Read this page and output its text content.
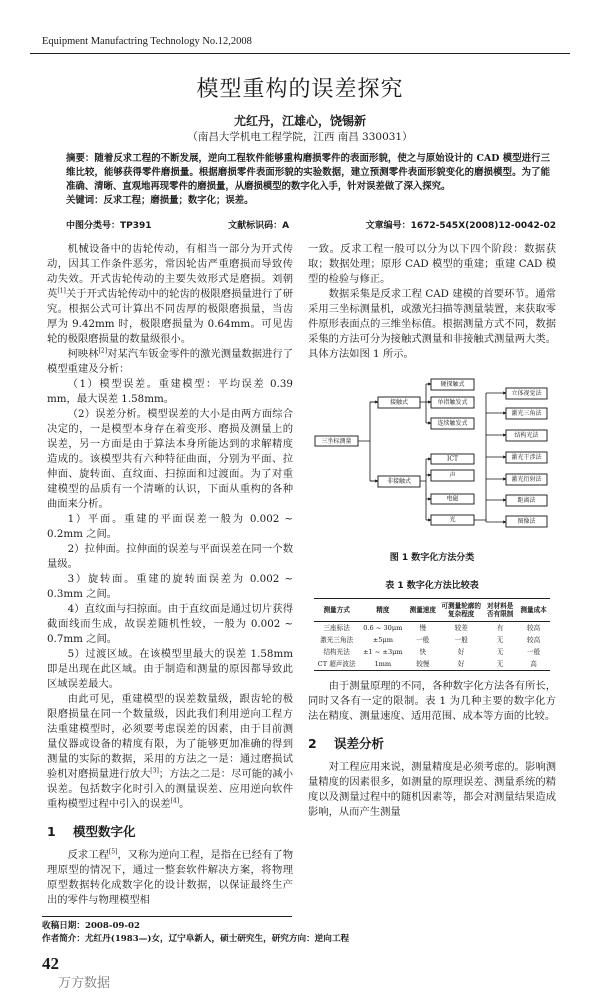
Equipment Manufactring Technology No.12,2008
模型重构的误差探究
尤红丹，江雄心，饶锡新
（南昌大学机电工程学院，江西 南昌 330031）
摘要：随着反求工程的不断发展，逆向工程软件能够重构磨损零件的表面形貌，使之与原始设计的 CAD 模型进行三维比较，能够获得零件磨损量。根据磨损零件表面形貌的实验数据，建立预测零件表面形貌变化的磨损模型。为了能准确、清晰、直观地再现零件的磨损量，从磨损模型的数字化入手，针对误差做了深入探究。
关键词：反求工程；磨损量；数字化；误差。
中图分类号：TP391	文献标识码：A	文章编号：1672-545X(2008)12-0042-02

机械设备中的齿轮传动，有相当一部分为开式传动，因其工作条件恶劣，常因轮齿严重磨损而导致传动失效。开式齿轮传动的主要失效形式是磨损。刘朝英[1]关于开式齿轮传动中的轮齿的极限磨损量进行了研究。根据公式可计算出不同齿厚的极限磨损量，当齿厚为 9.42mm 时，极限磨损量为 0.64mm。可见齿轮的极限磨损量的数量级很小。

柯映林[2]对某汽车钣金零件的激光测量数据进行了模型重建及分析：

（1）模型误差。重建模型：平均误差 0.39 mm，最大误差 1.58mm。

（2）误差分析。模型误差的大小是由两方面综合决定的，一是模型本身存在着变形、磨损及测量上的误差，另一方面是由于算法本身所能达到的求解精度造成的。该模型共有六种特征曲面，分别为平面、拉伸面、旋转面、直纹面、扫掠面和过渡面。为了对重建模型的品质有一个清晰的认识，下面从重构的各种曲面来分析。

1）平面。重建的平面误差一般为 0.002 ~ 0.2mm 之间。

2）拉伸面。拉伸面的误差与平面误差在同一个数量级。

3）旋转面。重建的旋转面误差为 0.002 ~ 0.3mm 之间。

4）直纹面与扫掠面。由于直纹面是通过切片获得截面线而生成，故误差随机性较，一般为 0.002 ~ 0.7mm 之间。

5）过渡区域。在该模型里最大的误差 1.58mm 即是出现在此区域。由于制造和测量的原因都导致此区域误差最大。

由此可见，重建模型的误差数量级，跟齿轮的极限磨损量在同一个数量级，因此我们利用逆向工程方法重建模型时，必须要考虑误差的因素，由于目前测量仪器或设备的精度有限，为了能够更加准确的得到测量的实际的数据，采用的方法之一是：通过磨损试验机对磨损量进行放大[3]；方法之二是：尽可能的减小误差。包括数字化时引入的测量误差、应用逆向软件重构模型过程中引入的误差[4]。

1 模型数字化

反求工程[5]，又称为逆向工程，是指在已经有了物理原型的情况下，通过一整套软件解决方案，将物理原型数据转化成数字化的设计数据，以保证最终生产出的零件与物理模型相

一致。反求工程一般可以分为以下四个阶段：数据获取；数据处理；原形 CAD 模型的重建；重建 CAD 模型的检验与修正。

数据采集是反求工程 CAD 建模的首要环节。通常采用三坐标测量机，或激光扫描等测量装置，来获取零件原形表面点的三维坐标值。根据测量方式不同，数据采集的方法可分为接触式测量和非接触式测量两大类。具体方法如图 1 所示。

三坐标测量
接触式
非接触式
硬探触式
单指触发式
连续触发式
ICT
声
电磁
光
立体视觉法
激光三角法
结构光法
激光干涉法
激光衍射法
距离法
图像法
图 1 数字化方法分类
表 1 数字化方法比较表
测量方式	精度	测量速度	可测量轮廓的复杂程度	对材料是否有限制	测量成本
三座标法	0.6 ~ 30μm	慢	较差	有	较高
激光三角法	±5μm	一般	一般	无	较高
结构光法	±1 ~ ±3μm	快	好	无	一般
CT 超声波法	1mm	较慢	好	无	高

由于测量原理的不同，各种数字化方法各有所长，同时又各有一定的限制。表 1 为几种主要的数字化方法在精度、测量速度、适用范围、成本等方面的比较。

2 误差分析

对工程应用来说，测量精度是必须考虑的。影响测量精度的因素很多，如测量的原理误差、测量系统的精度以及测量过程中的随机因素等，都会对测量结果造成影响，从而产生测量

收稿日期：2008-09-02
作者简介：尤红丹(1983—)女，辽宁阜新人，硕士研究生，研究方向：逆向工程
42
万方数据
